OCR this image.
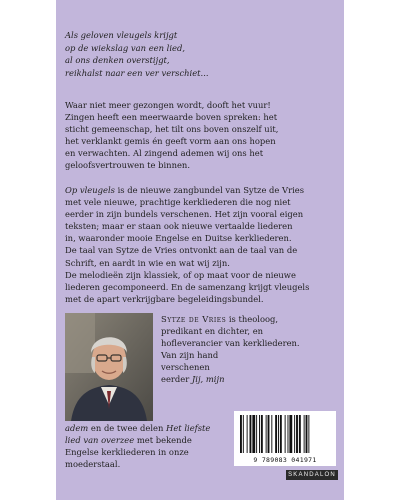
Als geloven vleugels krijgt
op de wiekslag van een lied,
al ons denken overstijgt,
reikhalst naar een ver verschiet...
Waar niet meer gezongen wordt, dooft het vuur!
Zingen heeft een meerwaarde boven spreken: het
sticht gemeenschap, het tilt ons boven onszelf uit,
het verklankt gemis én geeft vorm aan ons hopen
en verwachten. Al zingend ademen wij ons het
geloofsvertrouwen te binnen.
Op vleugels is de nieuwe zangbundel van Sytze de Vries
met vele nieuwe, prachtige kerkliederen die nog niet
eerder in zijn bundels verschenen. Het zijn vooral eigen
teksten; maar er staan ook nieuwe vertaalde liederen
in, waaronder mooie Engelse en Duitse kerkliederen.
De taal van Sytze de Vries ontvonkt aan de taal van de
Schrift, en aardt in wie en wat wij zijn.
De melodieën zijn klassiek, of op maat voor de nieuwe
liederen gecomponeerd. En de samenzang krijgt vleugels
met de apart verkrijgbare begeleidingsbundel.
Sytze de Vries is theoloog,
predikant en dichter, en
hofleverancier van kerkliederen.
Van zijn hand
verschenen
eerder Jij, mijn
adem en de twee delen Het liefste
lied van overzee met bekende
Engelse kerkliederen in onze
moederstaal.	9 789083 041971
SKANDALON
